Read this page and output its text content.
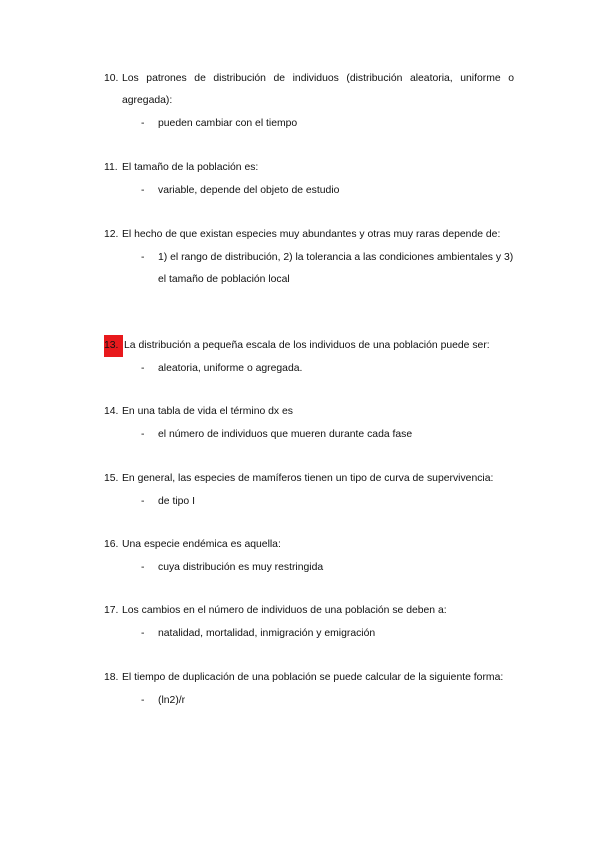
10. Los patrones de distribución de individuos (distribución aleatoria, uniforme o agregada):
-	pueden cambiar con el tiempo
11. El tamaño de la población es:
-	variable, depende del objeto de estudio
12. El hecho de que existan especies muy abundantes y otras muy raras depende de:
-	1) el rango de distribución, 2) la tolerancia a las condiciones ambientales y 3) el tamaño de población local
13. La distribución a pequeña escala de los individuos de una población puede ser:
-	aleatoria, uniforme o agregada.
14. En una tabla de vida el término dx es
-	el número de individuos que mueren durante cada fase
15. En general, las especies de mamíferos tienen un tipo de curva de supervivencia:
-	de tipo I
16. Una especie endémica es aquella:
-	cuya distribución es muy restringida
17. Los cambios en el número de individuos de una población se deben a:
-	natalidad, mortalidad, inmigración y emigración
18. El tiempo de duplicación de una población se puede calcular de la siguiente forma:
-	(ln2)/r
